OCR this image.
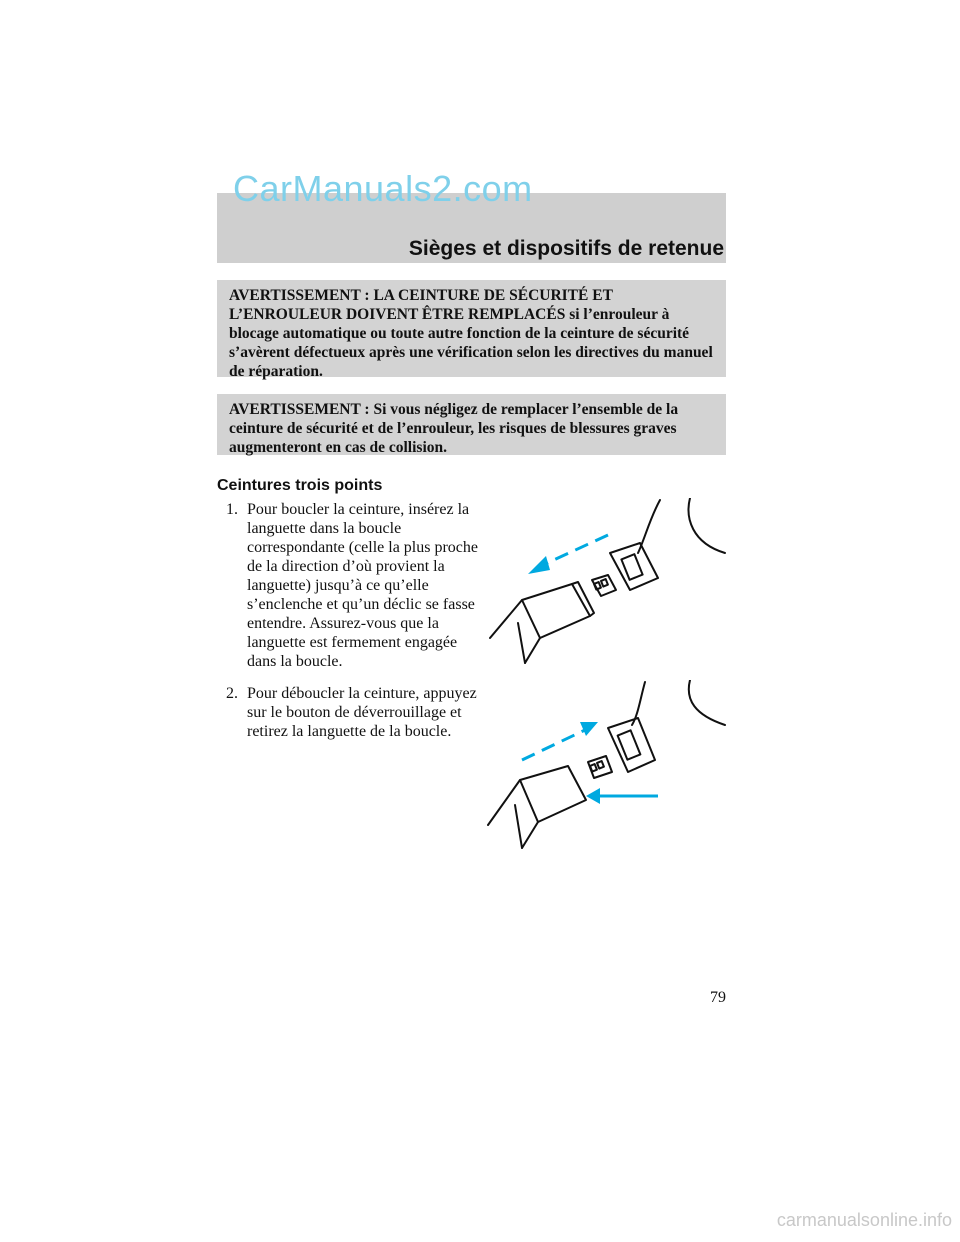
CarManuals2.com
Sièges et dispositifs de retenue
AVERTISSEMENT : LA CEINTURE DE SÉCURITÉ ET L’ENROULEUR DOIVENT ÊTRE REMPLACÉS si l’enrouleur à blocage automatique ou toute autre fonction de la ceinture de sécurité s’avèrent défectueux après une vérification selon les directives du manuel de réparation.
AVERTISSEMENT : Si vous négligez de remplacer l’ensemble de la ceinture de sécurité et de l’enrouleur, les risques de blessures graves augmenteront en cas de collision.
Ceintures trois points
1. Pour boucler la ceinture, insérez la languette dans la boucle correspondante (celle la plus proche de la direction d’où provient la languette) jusqu’à ce qu’elle s’enclenche et qu’un déclic se fasse entendre. Assurez-vous que la languette est fermement engagée dans la boucle.
2. Pour déboucler la ceinture, appuyez sur le bouton de déverrouillage et retirez la languette de la boucle.
79
carmanualsonline.info
